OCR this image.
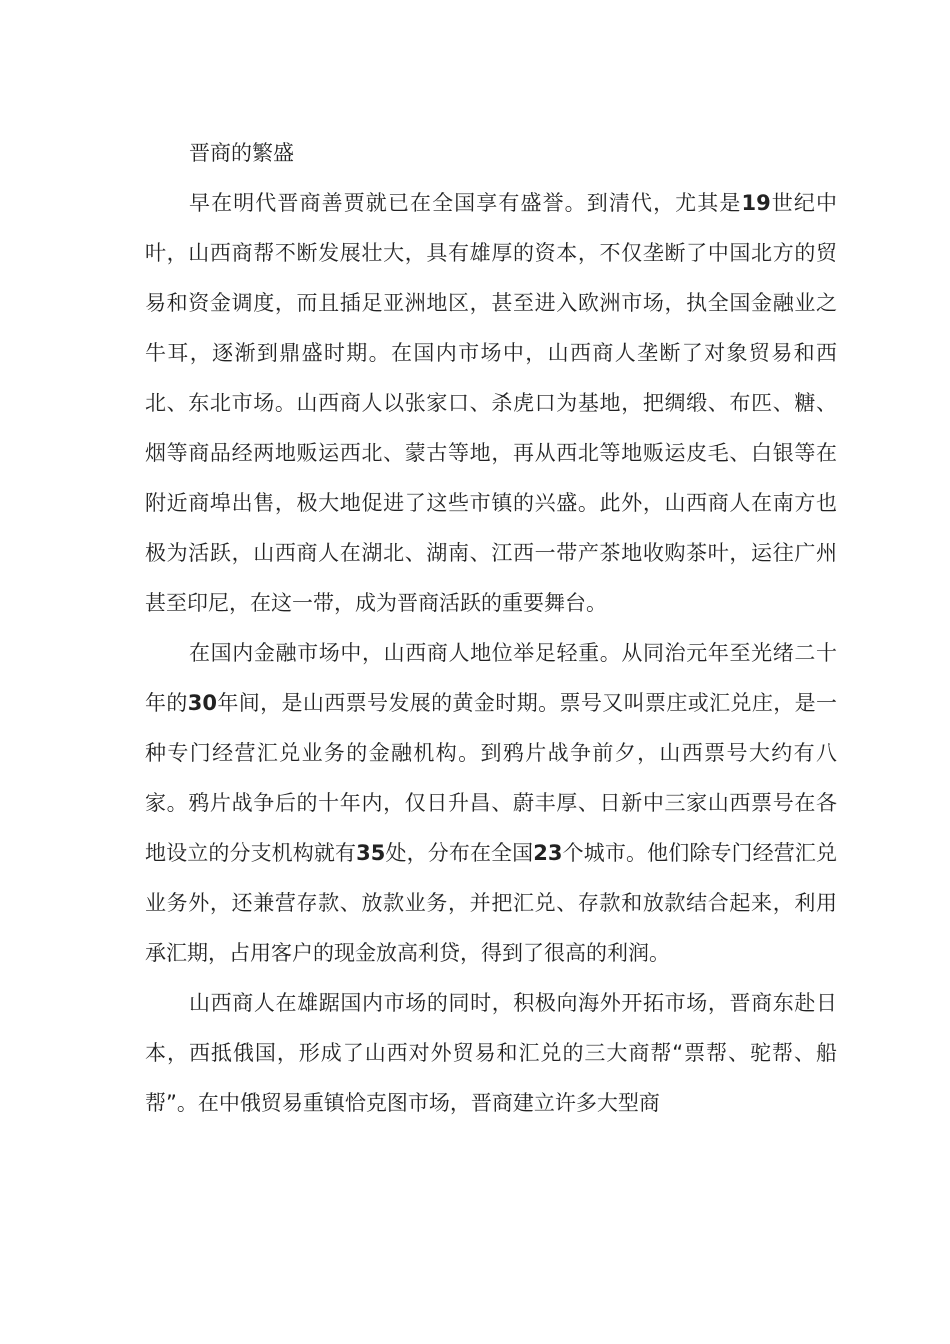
晋商的繁盛

早在明代晋商善贾就已在全国享有盛誉。到清代，尤其是19世纪中叶，山西商帮不断发展壮大，具有雄厚的资本，不仅垄断了中国北方的贸易和资金调度，而且插足亚洲地区，甚至进入欧洲市场，执全国金融业之牛耳，逐渐到鼎盛时期。在国内市场中，山西商人垄断了对象贸易和西北、东北市场。山西商人以张家口、杀虎口为基地，把绸缎、布匹、糖、烟等商品经两地贩运西北、蒙古等地，再从西北等地贩运皮毛、白银等在附近商埠出售，极大地促进了这些市镇的兴盛。此外，山西商人在南方也极为活跃，山西商人在湖北、湖南、江西一带产茶地收购茶叶，运往广州甚至印尼，在这一带，成为晋商活跃的重要舞台。

在国内金融市场中，山西商人地位举足轻重。从同治元年至光绪二十年的30年间，是山西票号发展的黄金时期。票号又叫票庄或汇兑庄，是一种专门经营汇兑业务的金融机构。到鸦片战争前夕，山西票号大约有八家。鸦片战争后的十年内，仅日升昌、蔚丰厚、日新中三家山西票号在各地设立的分支机构就有35处，分布在全国23个城市。他们除专门经营汇兑业务外，还兼营存款、放款业务，并把汇兑、存款和放款结合起来，利用承汇期，占用客户的现金放高利贷，得到了很高的利润。

山西商人在雄踞国内市场的同时，积极向海外开拓市场，晋商东赴日本，西抵俄国，形成了山西对外贸易和汇兑的三大商帮“票帮、驼帮、船帮”。在中俄贸易重镇恰克图市场，晋商建立许多大型商
